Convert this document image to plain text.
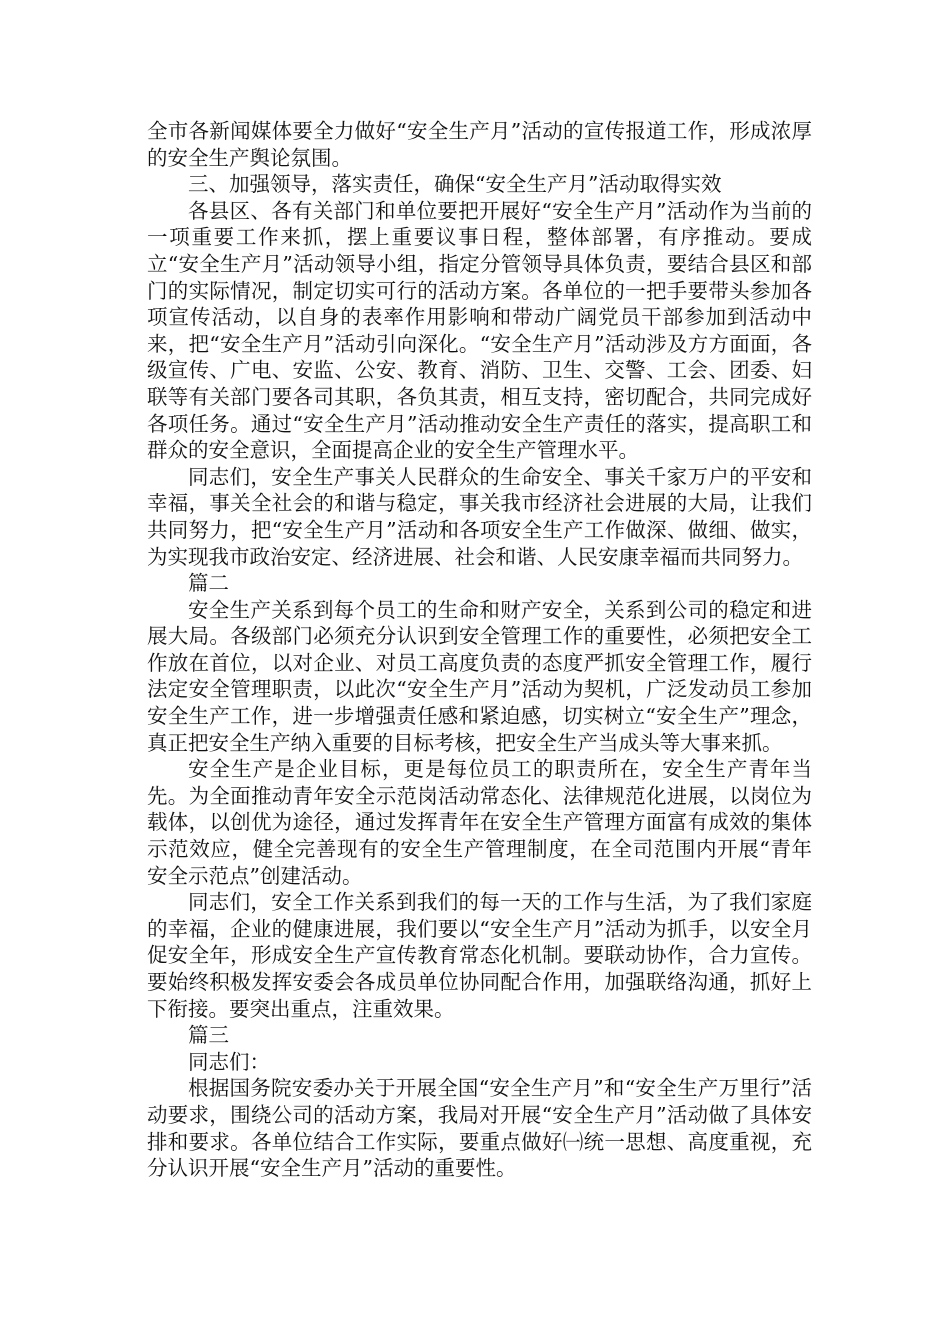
全市各新闻媒体要全力做好“安全生产月”活动的宣传报道工作，形成浓厚的安全生产舆论氛围。

三、加强领导，落实责任，确保“安全生产月”活动取得实效

各县区、各有关部门和单位要把开展好“安全生产月”活动作为当前的一项重要工作来抓，摆上重要议事日程，整体部署，有序推动。要成立“安全生产月”活动领导小组，指定分管领导具体负责，要结合县区和部门的实际情况，制定切实可行的活动方案。各单位的一把手要带头参加各项宣传活动，以自身的表率作用影响和带动广阔党员干部参加到活动中来，把“安全生产月”活动引向深化。“安全生产月”活动涉及方方面面，各级宣传、广电、安监、公安、教育、消防、卫生、交警、工会、团委、妇联等有关部门要各司其职，各负其责，相互支持，密切配合，共同完成好各项任务。通过“安全生产月”活动推动安全生产责任的落实，提高职工和群众的安全意识，全面提高企业的安全生产管理水平。

同志们，安全生产事关人民群众的生命安全、事关千家万户的平安和幸福，事关全社会的和谐与稳定，事关我市经济社会进展的大局，让我们共同努力，把“安全生产月”活动和各项安全生产工作做深、做细、做实，为实现我市政治安定、经济进展、社会和谐、人民安康幸福而共同努力。

篇二

安全生产关系到每个员工的生命和财产安全，关系到公司的稳定和进展大局。各级部门必须充分认识到安全管理工作的重要性，必须把安全工作放在首位，以对企业、对员工高度负责的态度严抓安全管理工作，履行法定安全管理职责，以此次“安全生产月”活动为契机，广泛发动员工参加安全生产工作，进一步增强责任感和紧迫感，切实树立“安全生产”理念，真正把安全生产纳入重要的目标考核，把安全生产当成头等大事来抓。

安全生产是企业目标，更是每位员工的职责所在，安全生产青年当先。为全面推动青年安全示范岗活动常态化、法律规范化进展，以岗位为载体，以创优为途径，通过发挥青年在安全生产管理方面富有成效的集体示范效应，健全完善现有的安全生产管理制度，在全司范围内开展“青年安全示范点”创建活动。

同志们，安全工作关系到我们的每一天的工作与生活，为了我们家庭的幸福，企业的健康进展，我们要以“安全生产月”活动为抓手，以安全月促安全年，形成安全生产宣传教育常态化机制。要联动协作，合力宣传。要始终积极发挥安委会各成员单位协同配合作用，加强联络沟通，抓好上下衔接。要突出重点，注重效果。

篇三

同志们：

根据国务院安委办关于开展全国“安全生产月”和“安全生产万里行”活动要求，围绕公司的活动方案，我局对开展“安全生产月”活动做了具体安排和要求。各单位结合工作实际，要重点做好㈠统一思想、高度重视，充分认识开展“安全生产月”活动的重要性。
